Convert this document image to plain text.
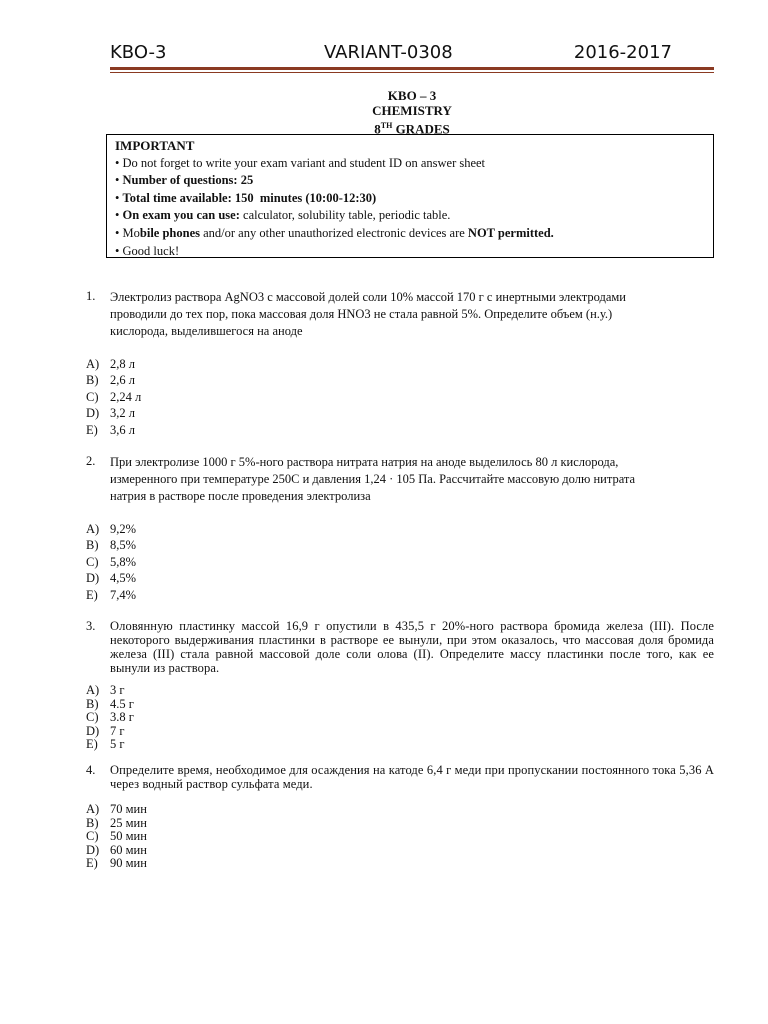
KBO-3	VARIANT-0308	2016-2017
KBO – 3
CHEMISTRY
8TH GRADES
IMPORTANT
• Do not forget to write your exam variant and student ID on answer sheet
• Number of questions: 25
• Total time available: 150  minutes (10:00-12:30)
• On exam you can use: calculator, solubility table, periodic table.
• Mobile phones and/or any other unauthorized electronic devices are NOT permitted.
• Good luck!
1. Электролиз раствора AgNO3 с массовой долей соли 10% массой 170 г с инертными электродами
проводили до тех пор, пока массовая доля HNO3 не стала равной 5%. Определите объем (н.у.)
кислорода, выделившегося на аноде
A) 2,8 л
B) 2,6 л
C) 2,24 л
D) 3,2 л
E) 3,6 л
2. При электролизе 1000 г 5%-ного раствора нитрата натрия на аноде выделилось 80 л кислорода,
измеренного при температуре 250С и давления 1,24 · 105 Па. Рассчитайте массовую долю нитрата
натрия в растворе после проведения электролиза
A) 9,2%
B) 8,5%
C) 5,8%
D) 4,5%
E) 7,4%
3. Оловянную пластинку массой 16,9 г опустили в 435,5 г 20%-ного раствора бромида железа (III). После некоторого выдерживания пластинки в растворе ее вынули, при этом оказалось, что массовая доля бромида железа (III) стала равной массовой доле соли олова (II). Определите массу пластинки после того, как ее вынули из раствора.
A) 3 г
B) 4.5 г
C) 3.8 г
D) 7 г
E) 5 г
4. Определите время, необходимое для осаждения на катоде 6,4 г меди при пропускании постоянного тока 5,36 А через водный раствор сульфата меди.
A) 70 мин
B) 25 мин
C) 50 мин
D) 60 мин
E) 90 мин
